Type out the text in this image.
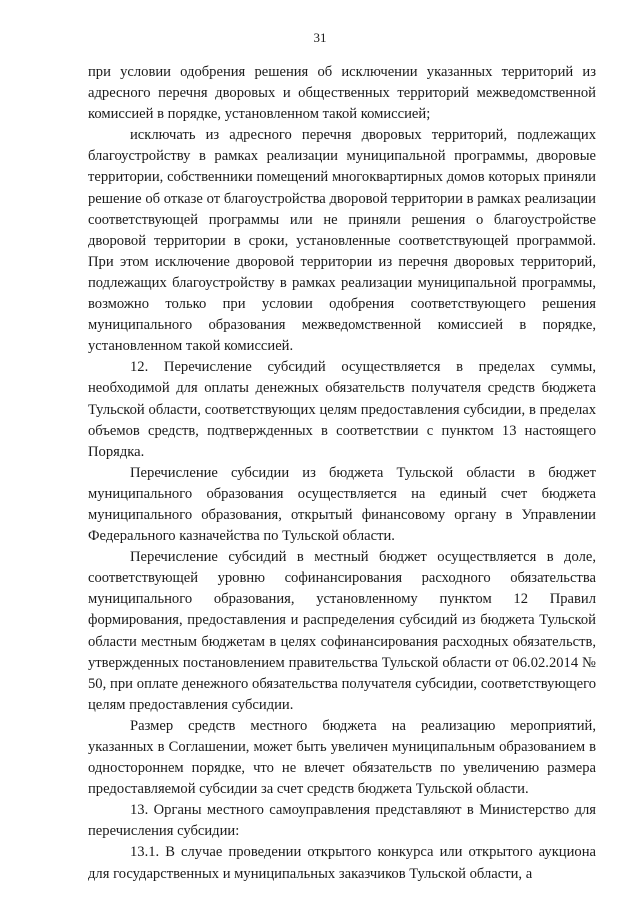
31

при условии одобрения решения об исключении указанных территорий из адресного перечня дворовых и общественных территорий межведомственной комиссией в порядке, установленном такой комиссией;

исключать из адресного перечня дворовых территорий, подлежащих благоустройству в рамках реализации муниципальной программы, дворовые территории, собственники помещений многоквартирных домов которых приняли решение об отказе от благоустройства дворовой территории в рамках реализации соответствующей программы или не приняли решения о благоустройстве дворовой территории в сроки, установленные соответствующей программой. При этом исключение дворовой территории из перечня дворовых территорий, подлежащих благоустройству в рамках реализации муниципальной программы, возможно только при условии одобрения соответствующего решения муниципального образования межведомственной комиссией в порядке, установленном такой комиссией.

12. Перечисление субсидий осуществляется в пределах суммы, необходимой для оплаты денежных обязательств получателя средств бюджета Тульской области, соответствующих целям предоставления субсидии, в пределах объемов средств, подтвержденных в соответствии с пунктом 13 настоящего Порядка.

Перечисление субсидии из бюджета Тульской области в бюджет муниципального образования осуществляется на единый счет бюджета муниципального образования, открытый финансовому органу в Управлении Федерального казначейства по Тульской области.

Перечисление субсидий в местный бюджет осуществляется в доле, соответствующей уровню софинансирования расходного обязательства муниципального образования, установленному пунктом 12 Правил формирования, предоставления и распределения субсидий из бюджета Тульской области местным бюджетам в целях софинансирования расходных обязательств, утвержденных постановлением правительства Тульской области от 06.02.2014 № 50, при оплате денежного обязательства получателя субсидии, соответствующего целям предоставления субсидии.

Размер средств местного бюджета на реализацию мероприятий, указанных в Соглашении, может быть увеличен муниципальным образованием в одностороннем порядке, что не влечет обязательств по увеличению размера предоставляемой субсидии за счет средств бюджета Тульской области.

13. Органы местного самоуправления представляют в Министерство для перечисления субсидии:

13.1. В случае проведении открытого конкурса или открытого аукциона для государственных и муниципальных заказчиков Тульской области, а
